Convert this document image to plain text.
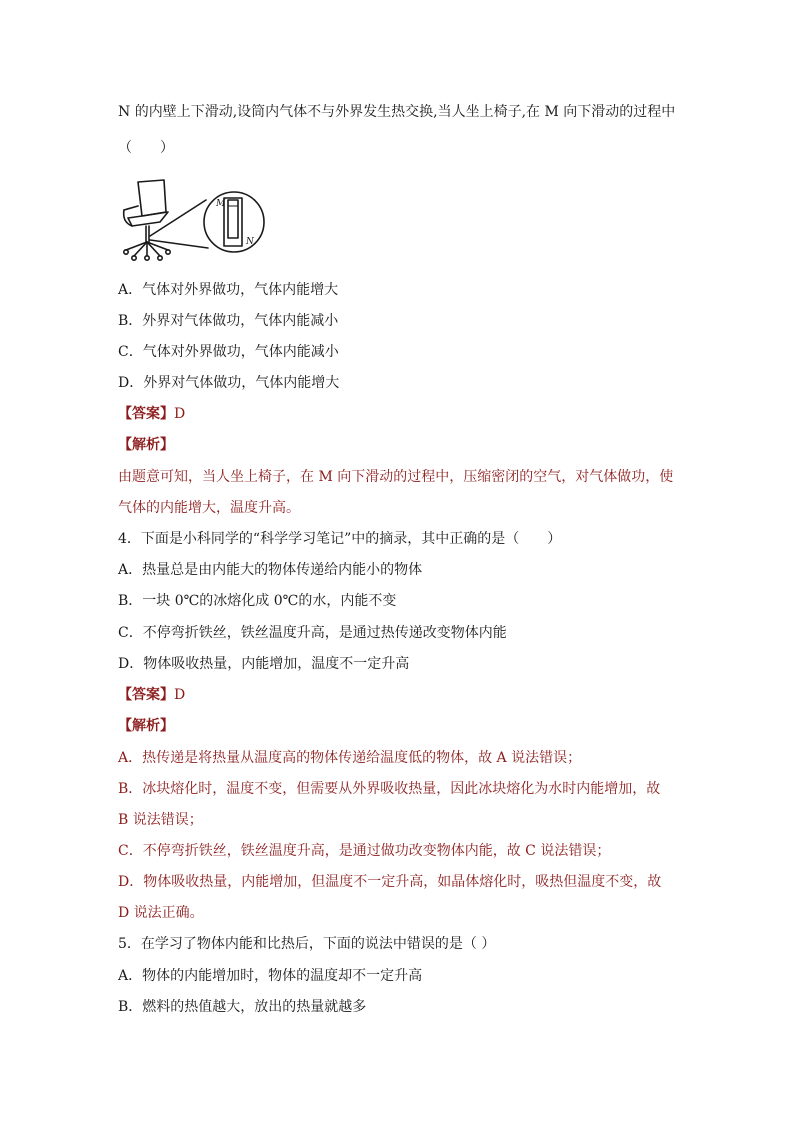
N 的内壁上下滑动,设筒内气体不与外界发生热交换,当人坐上椅子,在 M 向下滑动的过程中
（　　）
M
N
A．气体对外界做功，气体内能增大
B．外界对气体做功，气体内能减小
C．气体对外界做功，气体内能减小
D．外界对气体做功，气体内能增大
【答案】D
【解析】
由题意可知，当人坐上椅子，在 M 向下滑动的过程中，压缩密闭的空气，对气体做功，使
气体的内能增大，温度升高。
4．下面是小科同学的“科学学习笔记”中的摘录，其中正确的是（　　）
A．热量总是由内能大的物体传递给内能小的物体
B．一块 0℃的冰熔化成 0℃的水，内能不变
C．不停弯折铁丝，铁丝温度升高，是通过热传递改变物体内能
D．物体吸收热量，内能增加，温度不一定升高
【答案】D
【解析】
A．热传递是将热量从温度高的物体传递给温度低的物体，故 A 说法错误；
B．冰块熔化时，温度不变，但需要从外界吸收热量，因此冰块熔化为水时内能增加，故
B 说法错误；
C．不停弯折铁丝，铁丝温度升高，是通过做功改变物体内能，故 C 说法错误；
D．物体吸收热量，内能增加，但温度不一定升高，如晶体熔化时，吸热但温度不变，故
D 说法正确。
5．在学习了物体内能和比热后，下面的说法中错误的是（ ）
A．物体的内能增加时，物体的温度却不一定升高
B．燃料的热值越大，放出的热量就越多
